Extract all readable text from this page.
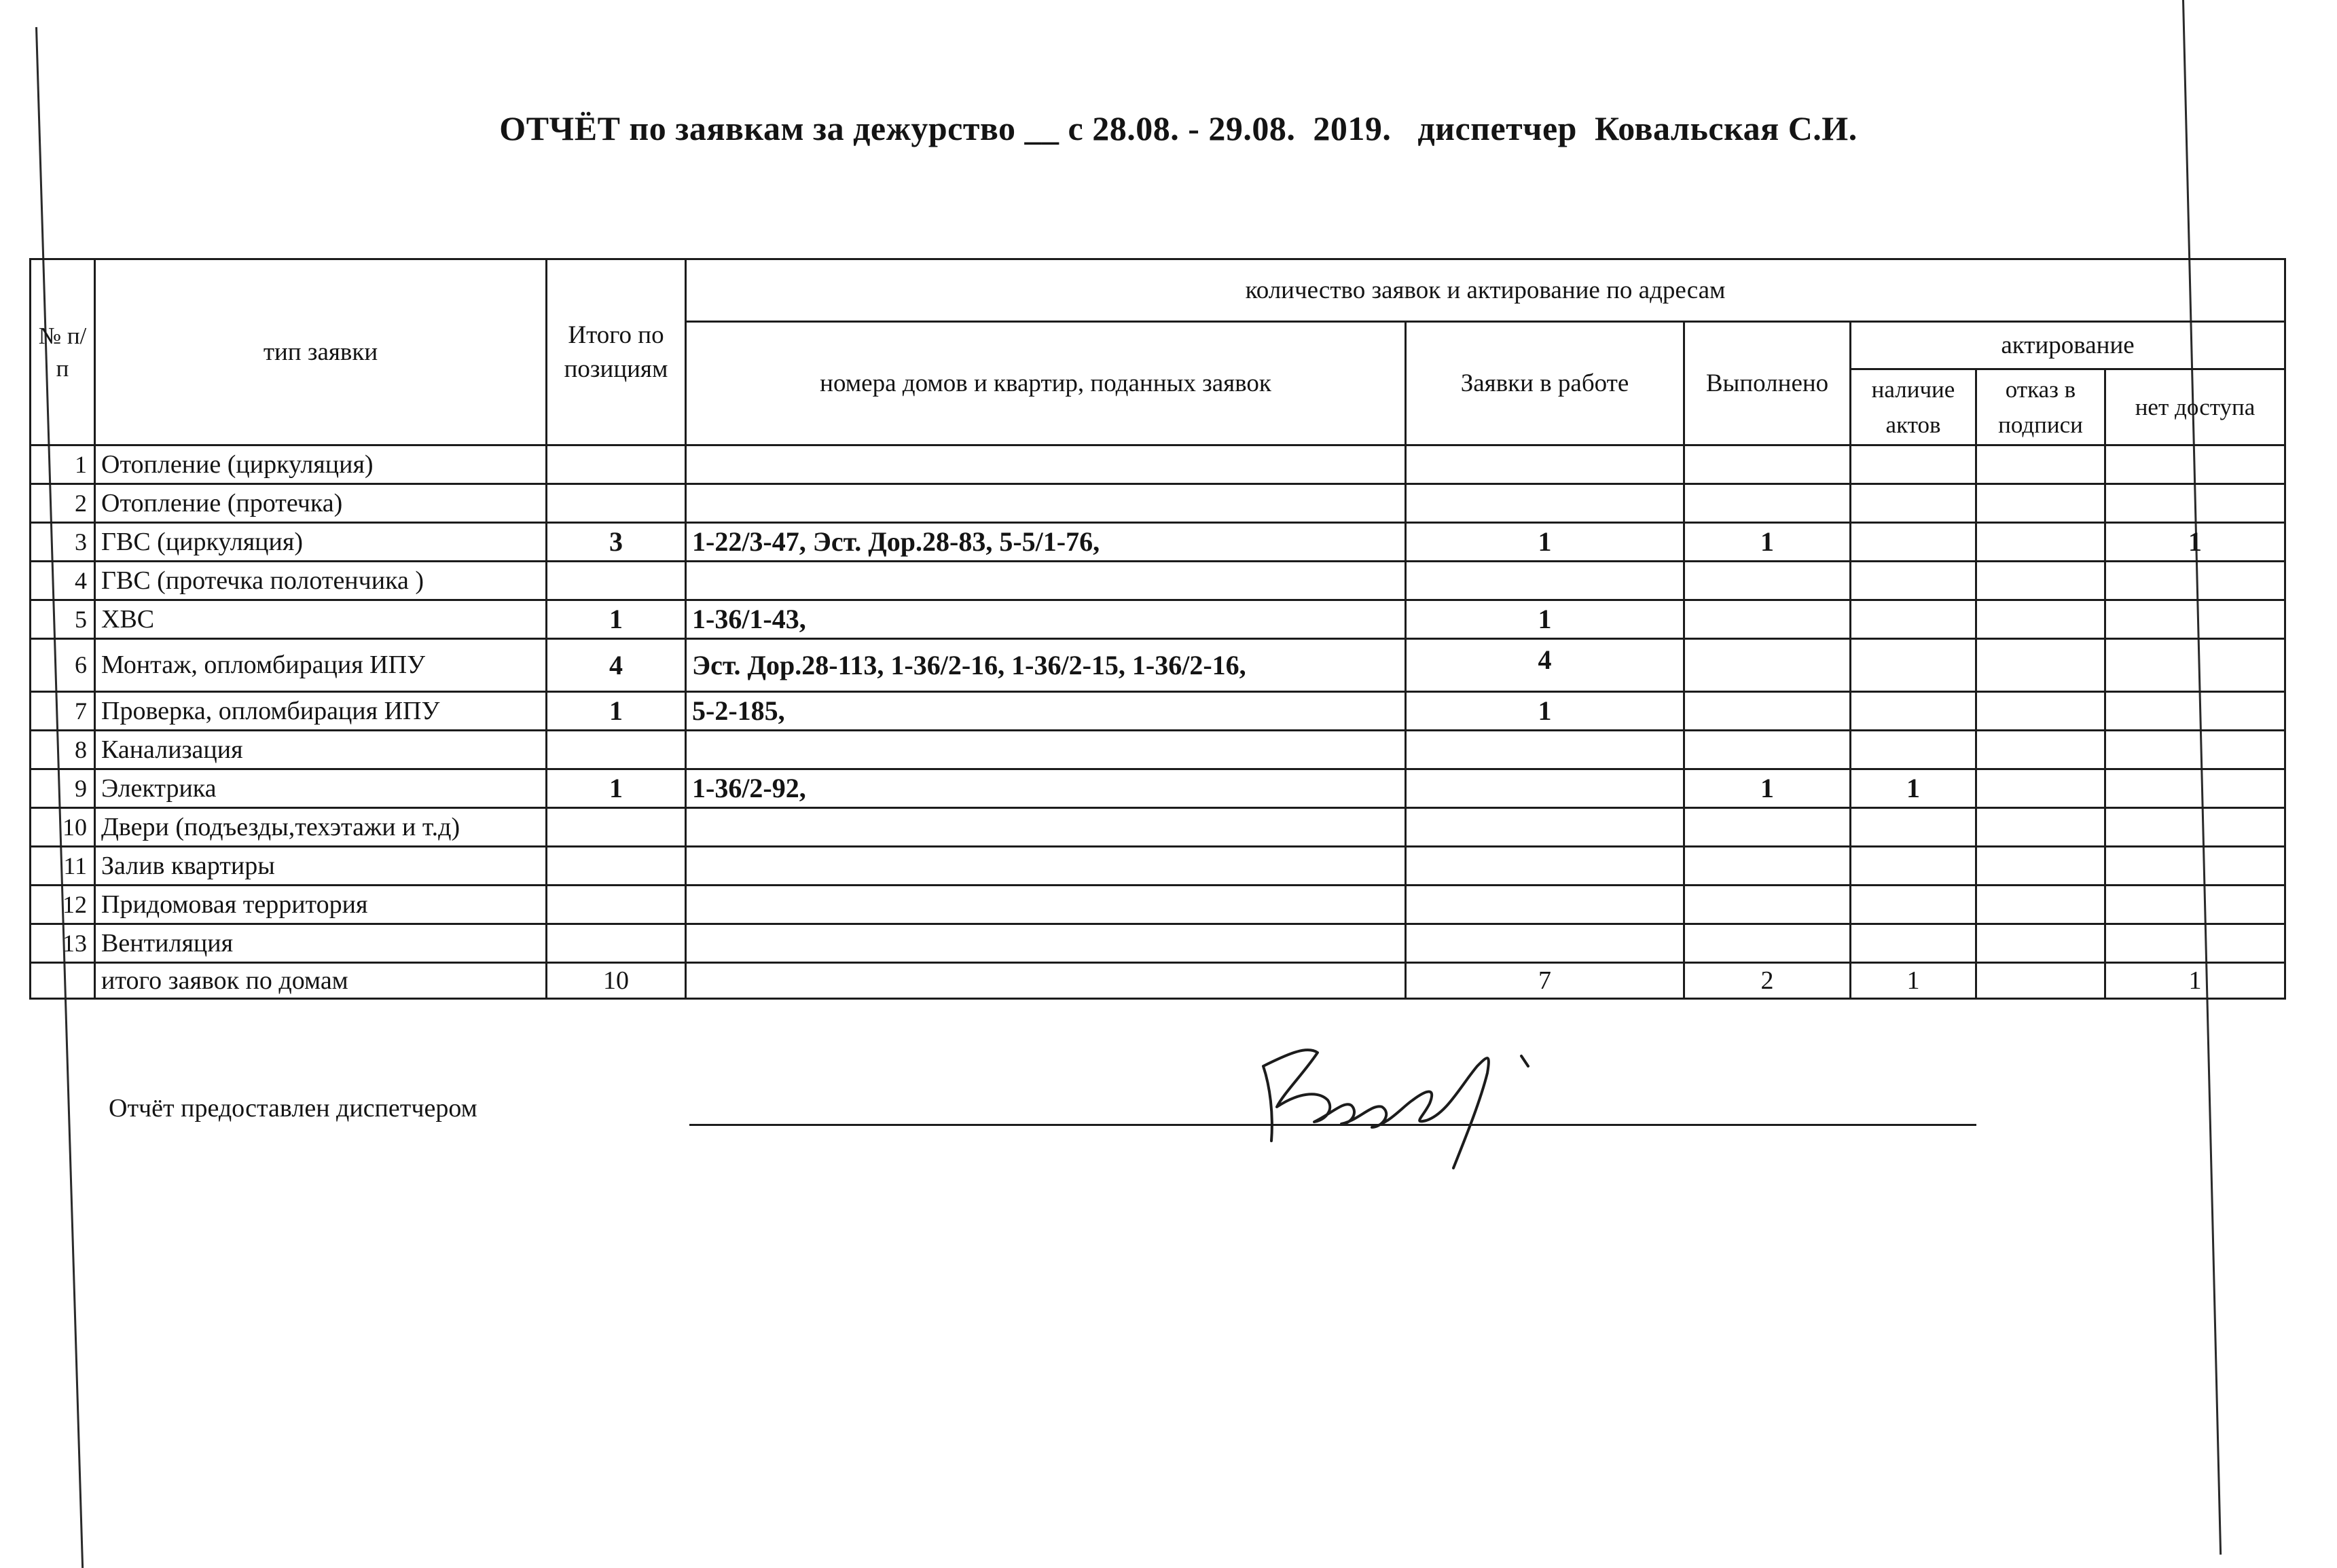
ОТЧЁТ по заявкам за дежурство __ с 28.08. - 29.08.  2019.   диспетчер  Ковальская С.И.
№ п/п	тип заявки	Итого по позициям	количество заявок и актирование по адресам					
			номера домов и квартир, поданных заявок	Заявки в работе	Выполнено	актирование		
						наличие актов	отказ в подписи	нет доступа
1	Отопление (циркуляция)							
2	Отопление (протечка)							
3	ГВС (циркуляция)	3	1-22/3-47, Эст. Дор.28-83, 5-5/1-76,	1	1			1
4	ГВС (протечка полотенчика )							
5	ХВС	1	1-36/1-43,	1				
6	Монтаж, опломбирация ИПУ	4	Эст. Дор.28-113, 1-36/2-16, 1-36/2-15, 1-36/2-16,	4				
7	Проверка, опломбирация ИПУ	1	5-2-185,	1				
8	Канализация							
9	Электрика	1	1-36/2-92,		1	1		
10	Двери (подъезды,техэтажи и т.д)							
11	Залив квартиры							
12	Придомовая территория							
13	Вентиляция							
	итого заявок по домам	10		7	2	1		1
Отчёт предоставлен диспетчером
